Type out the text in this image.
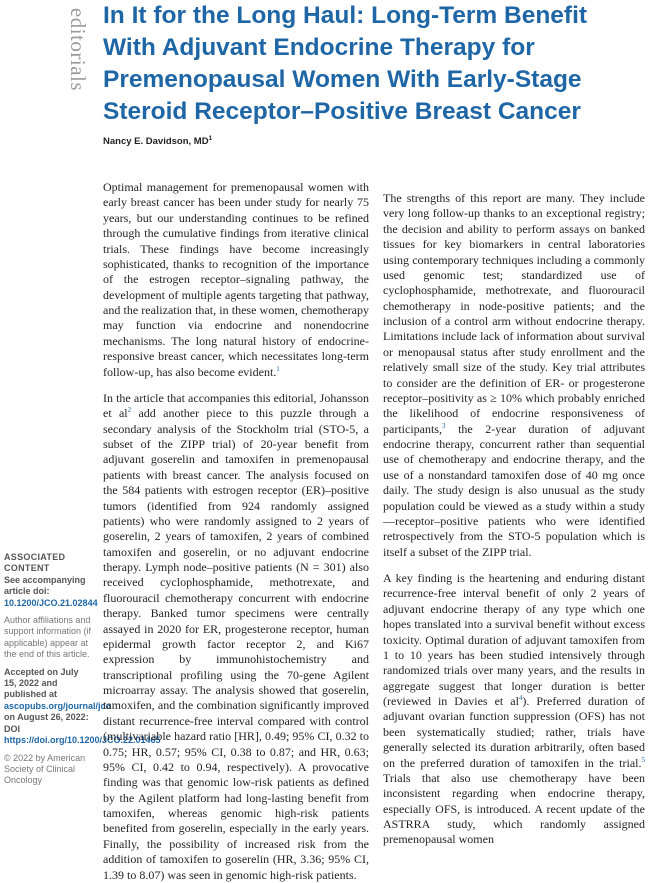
editorials In It for the Long Haul: Long-Term Benefit With Adjuvant Endocrine Therapy for Premenopausal Women With Early-Stage Steroid Receptor–Positive Breast Cancer

Nancy E. Davidson, $MD^1$

ASSOCIATED
CONTENT

See accompanying article doi: 10.1200/JCO.21.02844

Author affiliations and support information (if applicable) appear at the end of this article.

Accepted on July 15, 2022 and published at ascopubs.org/journal/jco on August 26, 2022: DOI https://doi.org/10.1200/JCO.22.01465

© 2022 by American Society of Clinical Oncology

Optimal management for premenopausal women with early breast cancer has been under study for nearly 75 years, but our understanding continues to be refined through the cumulative findings from iterative clinical trials. These findings have become increasingly sophisticated, thanks to recognition of the importance of the estrogen receptor–signaling pathway, the development of multiple agents targeting that pathway, and the realization that, in these women, chemotherapy may function via endocrine and nonendocrine mechanisms. The long natural history of endocrine-responsive breast cancer, which necessitates long-term follow-up, has also become evident.$^1$

In the article that accompanies this editorial, Johansson et $al^2$ add another piece to this puzzle through a secondary analysis of the Stockholm trial (STO-5, a subset of the ZIPP trial) of 20-year benefit from adjuvant goserelin and tamoxifen in premenopausal patients with breast cancer. The analysis focused on the 584 patients with estrogen receptor (ER)–positive tumors (identified from 924 randomly assigned patients) who were randomly assigned to 2 years of goserelin, 2 years of tamoxifen, 2 years of combined tamoxifen and goserelin, or no adjuvant endocrine therapy. Lymph node–positive patients (N = 301) also received cyclophosphamide, methotrexate, and fluorouracil chemotherapy concurrent with endocrine therapy. Banked tumor specimens were centrally assayed in 2020 for ER, progesterone receptor, human epidermal growth factor receptor 2, and Ki67 expression by immunohistochemistry and transcriptional profiling using the 70-gene Agilent microarray assay. The analysis showed that goserelin, tamoxifen, and the combination significantly improved distant recurrence-free interval compared with control (multivariable hazard ratio [HR], 0.49; 95% CI, 0.32 to 0.75; HR, 0.57; 95% CI, 0.38 to 0.87; and HR, 0.63; 95% CI, 0.42 to 0.94, respectively). A provocative finding was that genomic low-risk patients as defined by the Agilent platform had long-lasting benefit from tamoxifen, whereas genomic high-risk patients benefited from goserelin, especially in the early years. Finally, the possibility of increased risk from the addition of tamoxifen to goserelin (HR, 3.36; 95% CI, 1.39 to 8.07) was seen in genomic high-risk patients.

The strengths of this report are many. They include very long follow-up thanks to an exceptional registry; the decision and ability to perform assays on banked tissues for key biomarkers in central laboratories using contemporary techniques including a commonly used genomic test; standardized use of cyclophosphamide, methotrexate, and fluorouracil chemotherapy in node-positive patients; and the inclusion of a control arm without endocrine therapy. Limitations include lack of information about survival or menopausal status after study enrollment and the relatively small size of the study. Key trial attributes to consider are the definition of ER- or progesterone receptor–positivity as ≥ 10% which probably enriched the likelihood of endocrine responsiveness of participants,$^3$ the 2-year duration of adjuvant endocrine therapy, concurrent rather than sequential use of chemotherapy and endocrine therapy, and the use of a nonstandard tamoxifen dose of 40 mg once daily. The study design is also unusual as the study population could be viewed as a study within a study—receptor–positive patients who were identified retrospectively from the STO-5 population which is itself a subset of the ZIPP trial.

A key finding is the heartening and enduring distant recurrence-free interval benefit of only 2 years of adjuvant endocrine therapy of any type which one hopes translated into a survival benefit without excess toxicity. Optimal duration of adjuvant tamoxifen from 1 to 10 years has been studied intensively through randomized trials over many years, and the results in aggregate suggest that longer duration is better (reviewed in Davies et $al^4$). Preferred duration of adjuvant ovarian function suppression (OFS) has not been systematically studied; rather, trials have generally selected its duration arbitrarily, often based on the preferred duration of tamoxifen in the trial.$^5$ Trials that also use chemotherapy have been inconsistent regarding when endocrine therapy, especially OFS, is introduced. A recent update of the ASTRRA study, which randomly assigned premenopausal women
